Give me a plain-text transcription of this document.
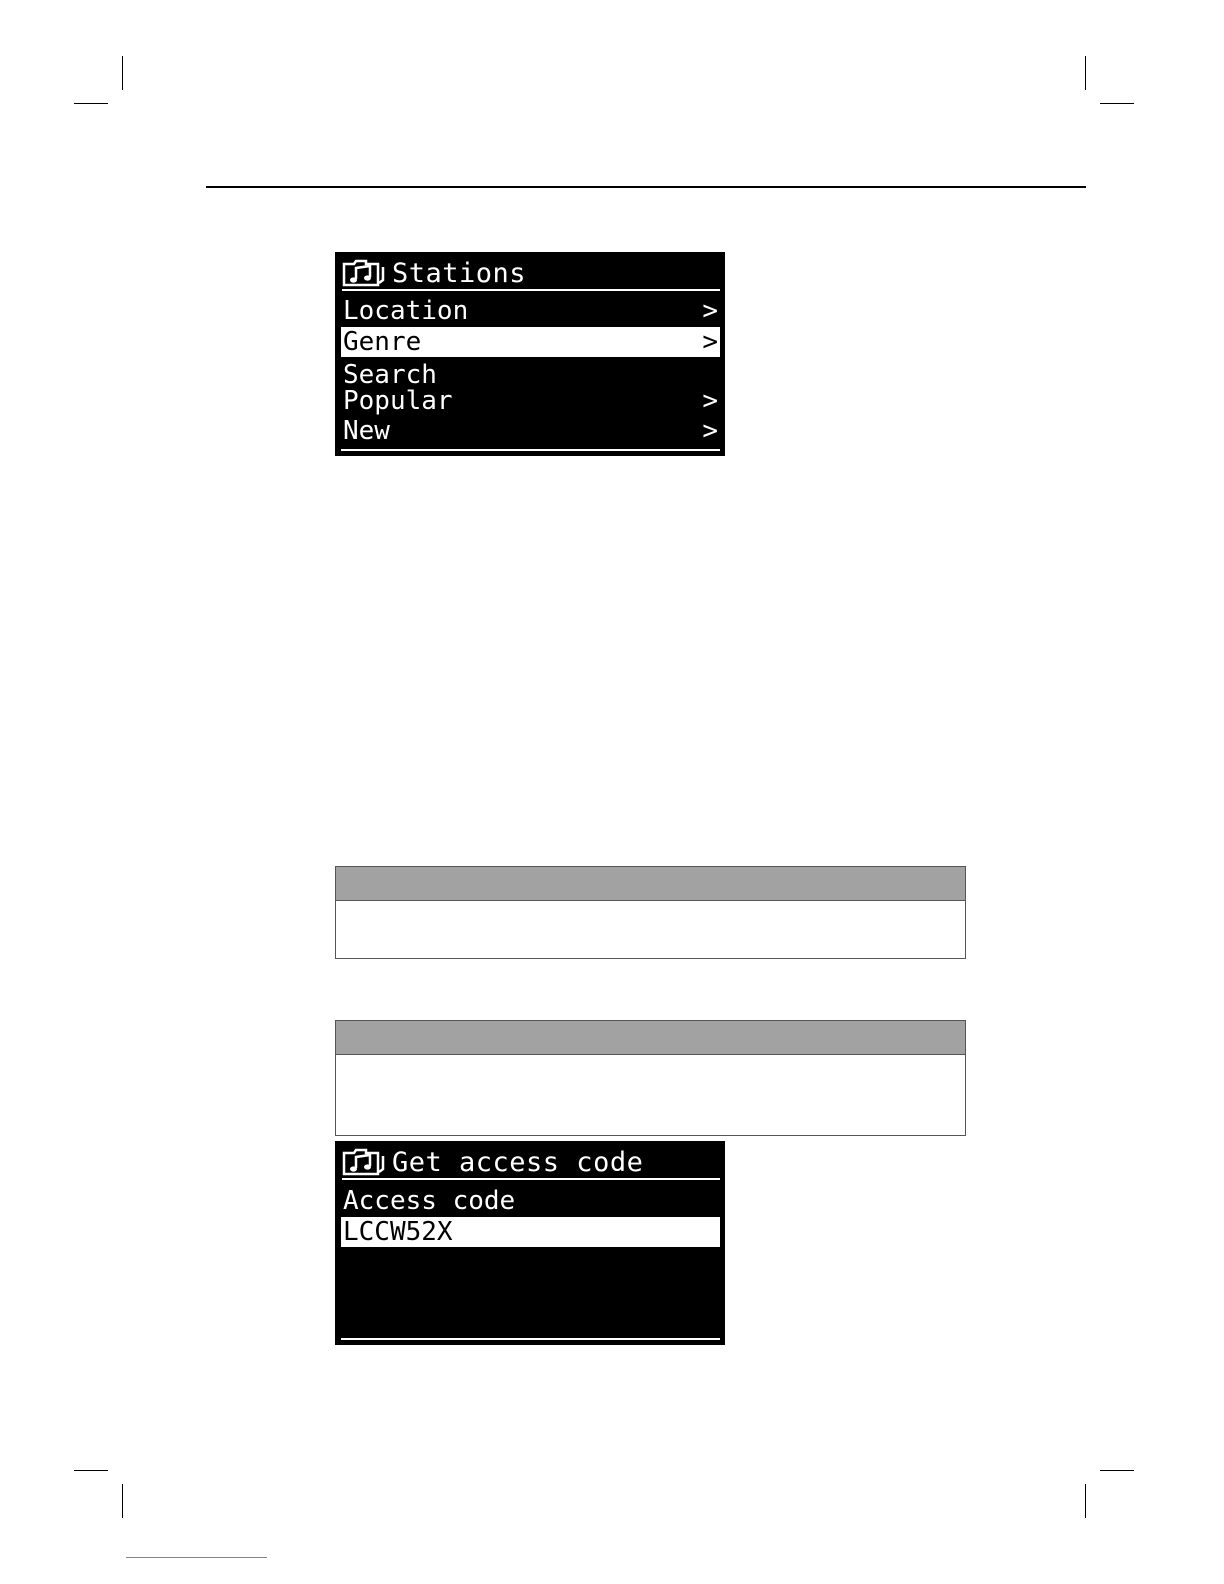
Stations
Location	>
Genre	>
Search
Popular	>
New	>
Get access code
Access code
LCCW52X
